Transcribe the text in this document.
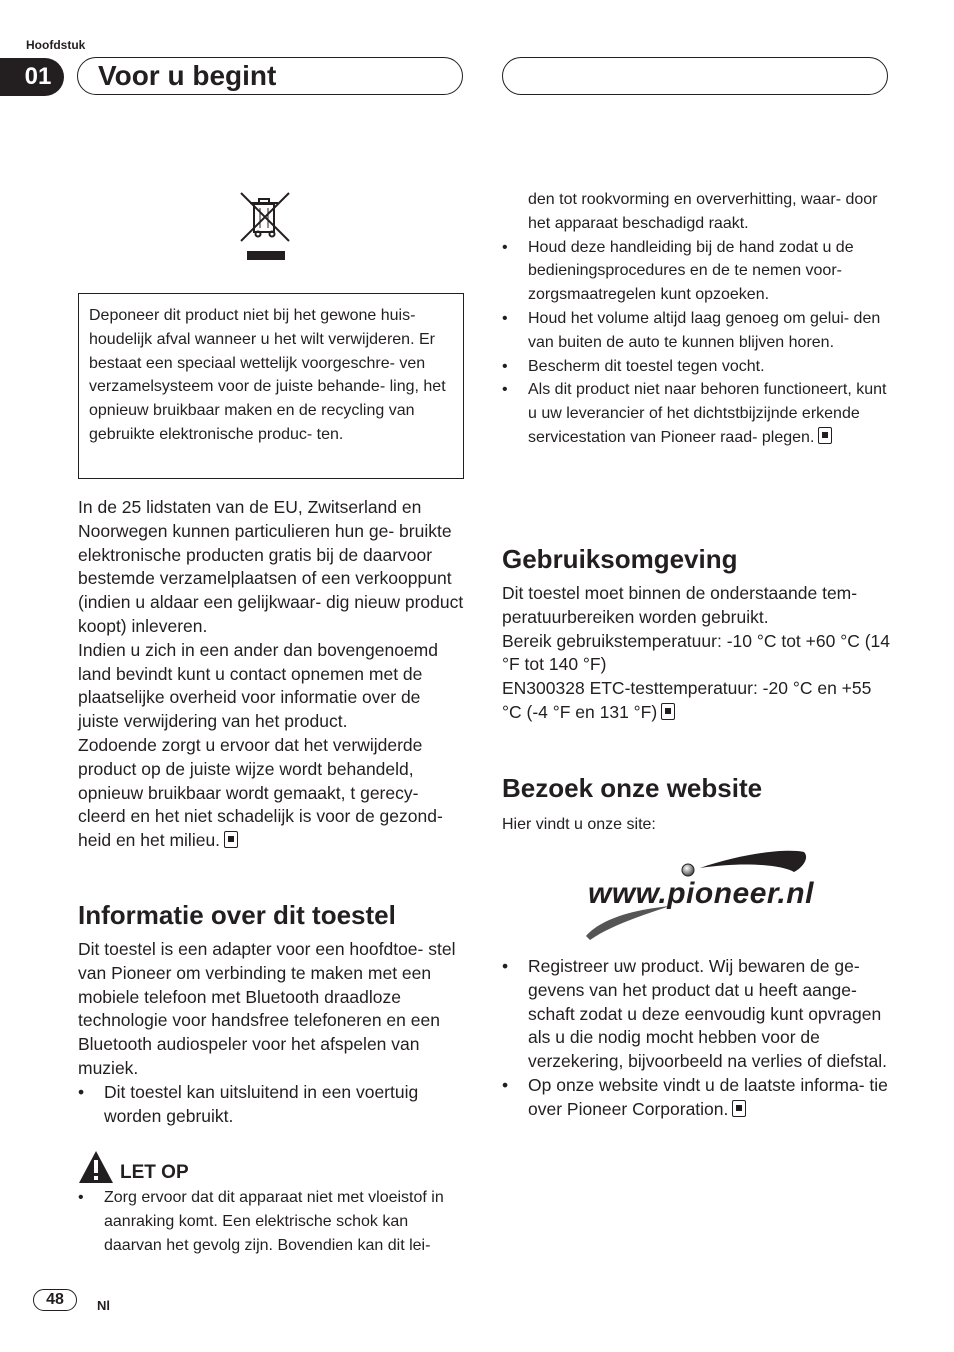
Hoofdstuk
01	Voor u begint
Deponeer dit product niet bij het gewone huis- houdelijk afval wanneer u het wilt verwijderen. Er bestaat een speciaal wettelijk voorgeschre- ven verzamelsysteem voor de juiste behande- ling, het opnieuw bruikbaar maken en de recycling van gebruikte elektronische produc- ten.

In de 25 lidstaten van de EU, Zwitserland en Noorwegen kunnen particulieren hun ge- bruikte elektronische producten gratis bij de daarvoor bestemde verzamelplaatsen of een verkooppunt (indien u aldaar een gelijkwaar- dig nieuw product koopt) inleveren.

Indien u zich in een ander dan bovengenoemd land bevindt kunt u contact opnemen met de plaatselijke overheid voor informatie over de juiste verwijdering van het product.

Zodoende zorgt u ervoor dat het verwijderde product op de juiste wijze wordt behandeld, opnieuw bruikbaar wordt gemaakt, t gerecy- cleerd en het niet schadelijk is voor de gezond- heid en het milieu.

Informatie over dit toestel

Dit toestel is een adapter voor een hoofdtoe- stel van Pioneer om verbinding te maken met een mobiele telefoon met Bluetooth draadloze technologie voor handsfree telefoneren en een Bluetooth audiospeler voor het afspelen van muziek.

• Dit toestel kan uitsluitend in een voertuig worden gebruikt.
LET OP
• Zorg ervoor dat dit apparaat niet met vloeistof in aanraking komt. Een elektrische schok kan daarvan het gevolg zijn. Bovendien kan dit lei-
den tot rookvorming en oververhitting, waar- door het apparaat beschadigd raakt.
• Houd deze handleiding bij de hand zodat u de bedieningsprocedures en de te nemen voor- zorgsmaatregelen kunt opzoeken.
• Houd het volume altijd laag genoeg om gelui- den van buiten de auto te kunnen blijven horen.
• Bescherm dit toestel tegen vocht.
• Als dit product niet naar behoren functioneert, kunt u uw leverancier of het dichtstbijzijnde erkende servicestation van Pioneer raad- plegen.
Gebruiksomgeving
Dit toestel moet binnen de onderstaande tem- peratuurbereiken worden gebruikt.
Bereik gebruikstemperatuur: -10 °C tot +60 °C (14 °F tot 140 °F)
EN300328 ETC-testtemperatuur: -20 °C en +55 °C (-4 °F en 131 °F)
Bezoek onze website
Hier vindt u onze site:
www.pioneer.nl
• Registreer uw product. Wij bewaren de ge- gevens van het product dat u heeft aange- schaft zodat u deze eenvoudig kunt opvragen als u die nodig mocht hebben voor de verzekering, bijvoorbeeld na verlies of diefstal.
• Op onze website vindt u de laatste informa- tie over Pioneer Corporation.
48	Nl
